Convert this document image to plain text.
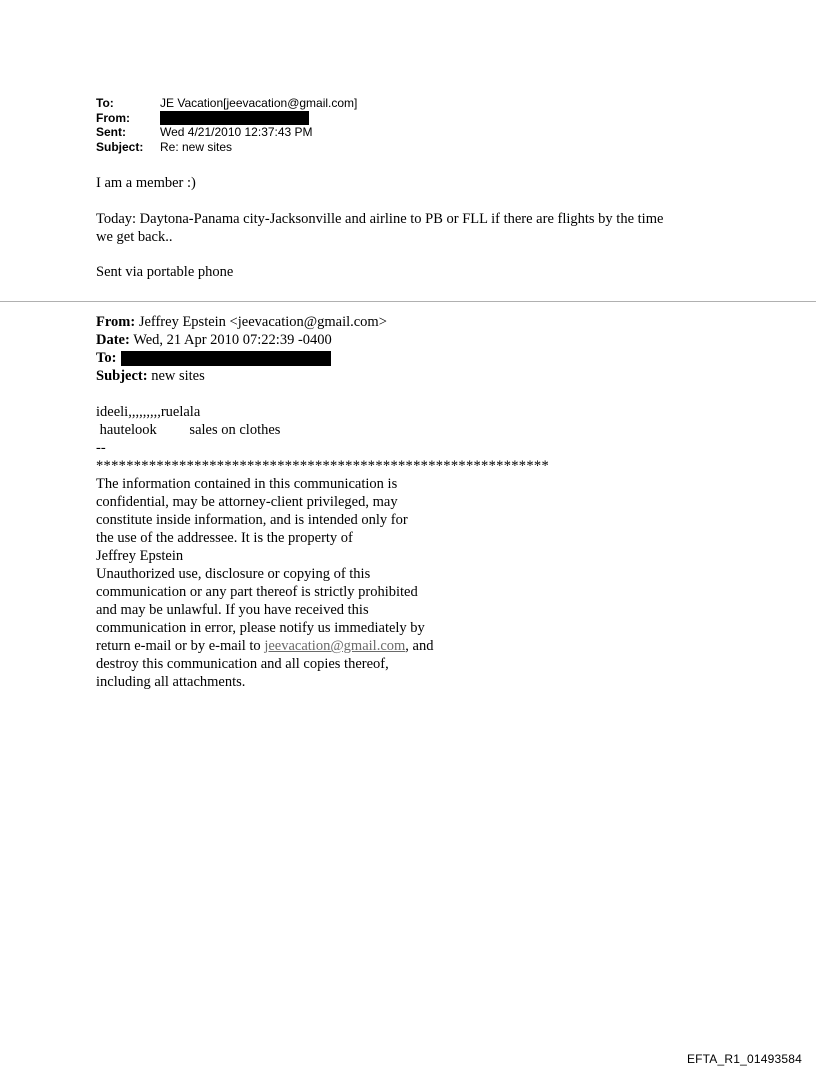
To:	JE Vacation[jeevacation@gmail.com]
From:
Sent:	Wed 4/21/2010 12:37:43 PM
Subject: Re: new sites
I am a member :)
Today: Daytona-Panama city-Jacksonville and airline to PB or FLL if there are flights by the time
we get back..
Sent via portable phone
From: Jeffrey Epstein <jeevacation@gmail.com>
Date: Wed, 21 Apr 2010 07:22:39 -0400
To:
Subject: new sites
ideeli,,,,,,,,,ruelala
hautelook         sales on clothes
--
************************************************************
The information contained in this communication is
confidential, may be attorney-client privileged, may
constitute inside information, and is intended only for
the use of the addressee. It is the property of
Jeffrey Epstein
Unauthorized use, disclosure or copying of this
communication or any part thereof is strictly prohibited
and may be unlawful. If you have received this
communication in error, please notify us immediately by
return e-mail or by e-mail to jeevacation@gmail.com, and
destroy this communication and all copies thereof,
including all attachments.
EFTA_R1_01493584
